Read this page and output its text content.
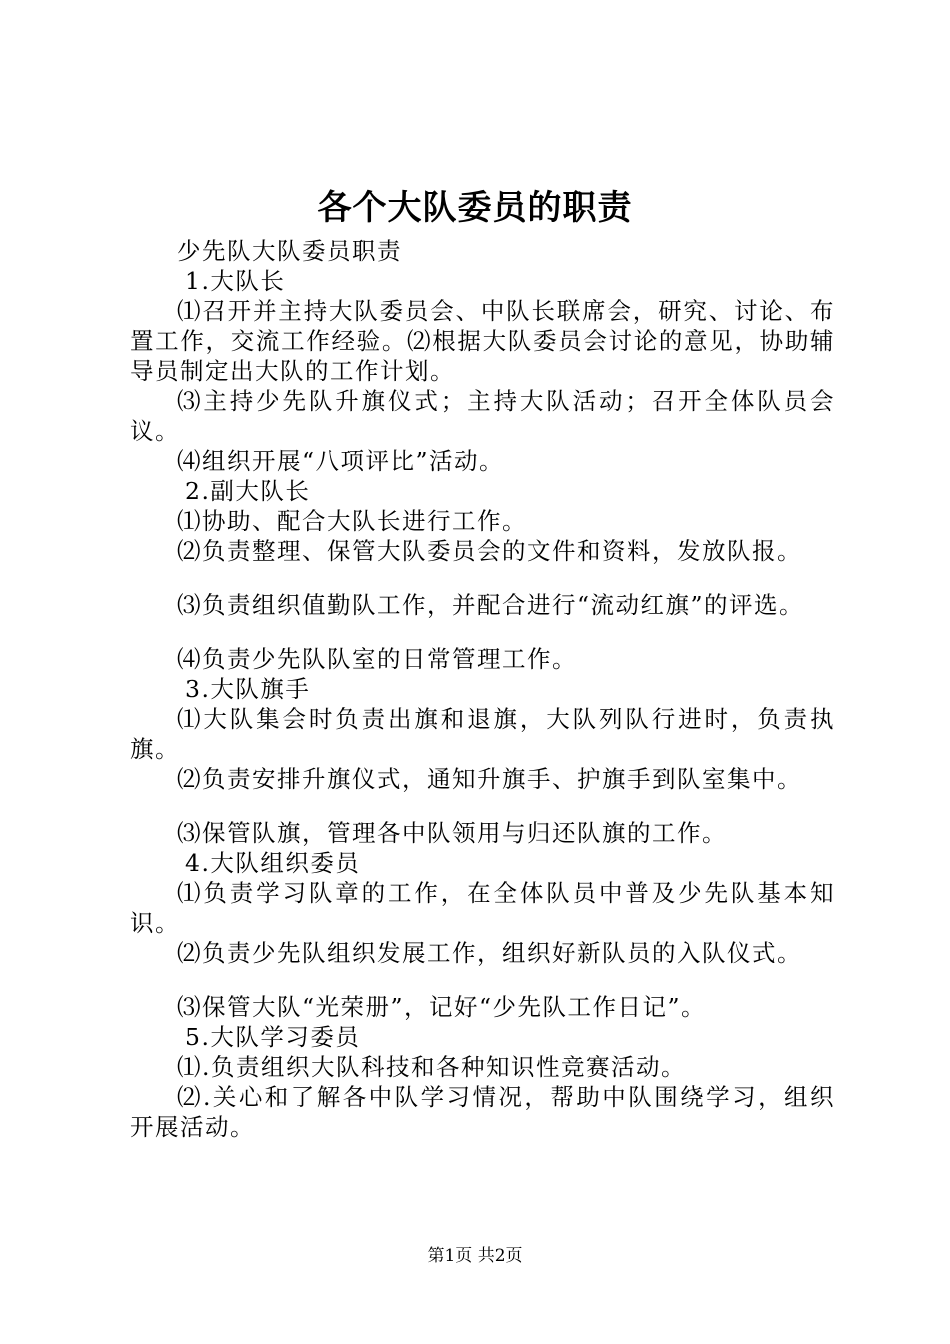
各个大队委员的职责

少先队大队委员职责

1.大队长

⑴召开并主持大队委员会、中队长联席会，研究、讨论、布置工作，交流工作经验。⑵根据大队委员会讨论的意见，协助辅导员制定出大队的工作计划。

⑶主持少先队升旗仪式；主持大队活动；召开全体队员会议。

⑷组织开展“八项评比”活动。

2.副大队长

⑴协助、配合大队长进行工作。

⑵负责整理、保管大队委员会的文件和资料，发放队报。

⑶负责组织值勤队工作，并配合进行“流动红旗”的评选。

⑷负责少先队队室的日常管理工作。

3.大队旗手

⑴大队集会时负责出旗和退旗，大队列队行进时，负责执旗。

⑵负责安排升旗仪式，通知升旗手、护旗手到队室集中。

⑶保管队旗，管理各中队领用与归还队旗的工作。

4.大队组织委员

⑴负责学习队章的工作，在全体队员中普及少先队基本知识。

⑵负责少先队组织发展工作，组织好新队员的入队仪式。

⑶保管大队“光荣册”，记好“少先队工作日记”。

5.大队学习委员

⑴.负责组织大队科技和各种知识性竞赛活动。

⑵.关心和了解各中队学习情况，帮助中队围绕学习，组织开展活动。

第1页 共2页
